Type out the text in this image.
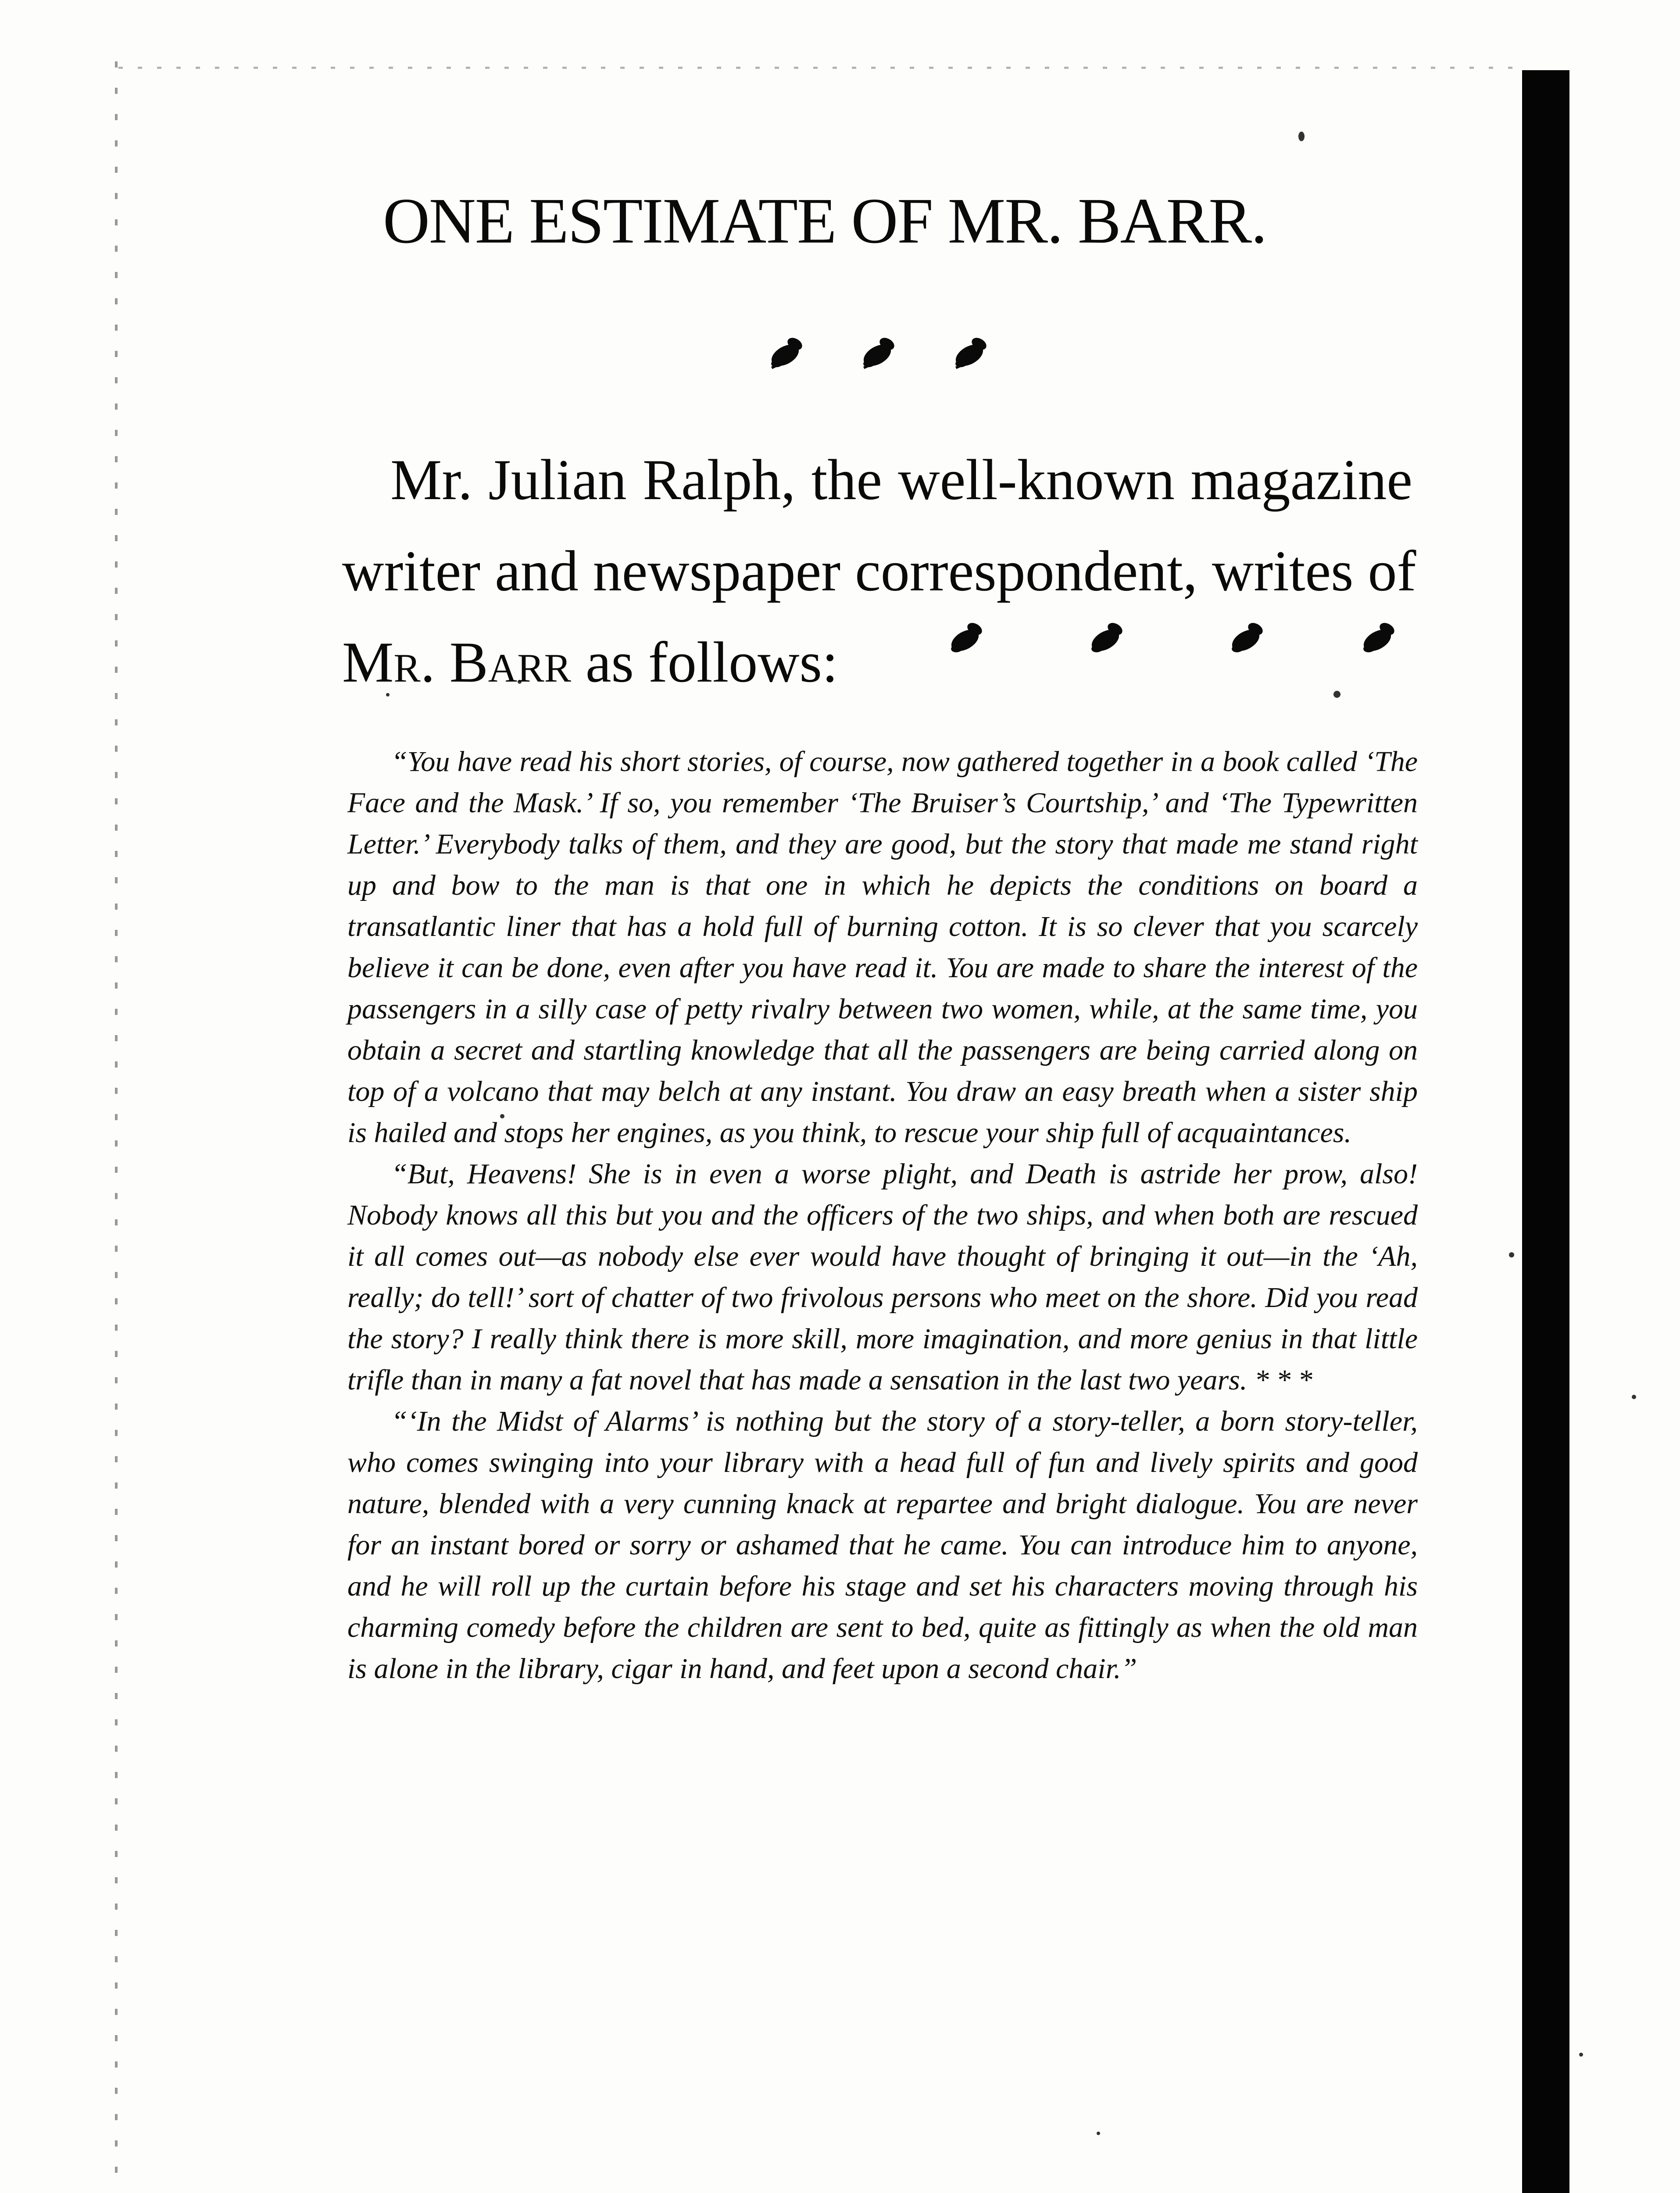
ONE ESTIMATE OF MR. BARR.
Mr. Julian Ralph, the well-known magazine
writer and newspaper correspondent, writes of
Mr. Barr as follows:

“You have read his short stories, of course, now gathered together in a book called ‘The Face and the Mask.’ If so, you remember ‘The Bruiser’s Courtship,’ and ‘The Typewritten Letter.’ Everybody talks of them, and they are good, but the story that made me stand right up and bow to the man is that one in which he depicts the conditions on board a transatlantic liner that has a hold full of burning cotton. It is so clever that you scarcely believe it can be done, even after you have read it. You are made to share the interest of the passengers in a silly case of petty rivalry between two women, while, at the same time, you obtain a secret and startling knowledge that all the passengers are being carried along on top of a volcano that may belch at any instant. You draw an easy breath when a sister ship is hailed and stops her engines, as you think, to rescue your ship full of acquaintances.

“But, Heavens! She is in even a worse plight, and Death is astride her prow, also! Nobody knows all this but you and the officers of the two ships, and when both are rescued it all comes out—as nobody else ever would have thought of bringing it out—in the ‘Ah, really; do tell!’ sort of chatter of two frivolous persons who meet on the shore. Did you read the story? I really think there is more skill, more imagination, and more genius in that little trifle than in many a fat novel that has made a sensation in the last two years. * * *

“‘In the Midst of Alarms’ is nothing but the story of a story-teller, a born story-teller, who comes swinging into your library with a head full of fun and lively spirits and good nature, blended with a very cunning knack at repartee and bright dialogue. You are never for an instant bored or sorry or ashamed that he came. You can introduce him to anyone, and he will roll up the curtain before his stage and set his characters moving through his charming comedy before the children are sent to bed, quite as fittingly as when the old man is alone in the library, cigar in hand, and feet upon a second chair.”
